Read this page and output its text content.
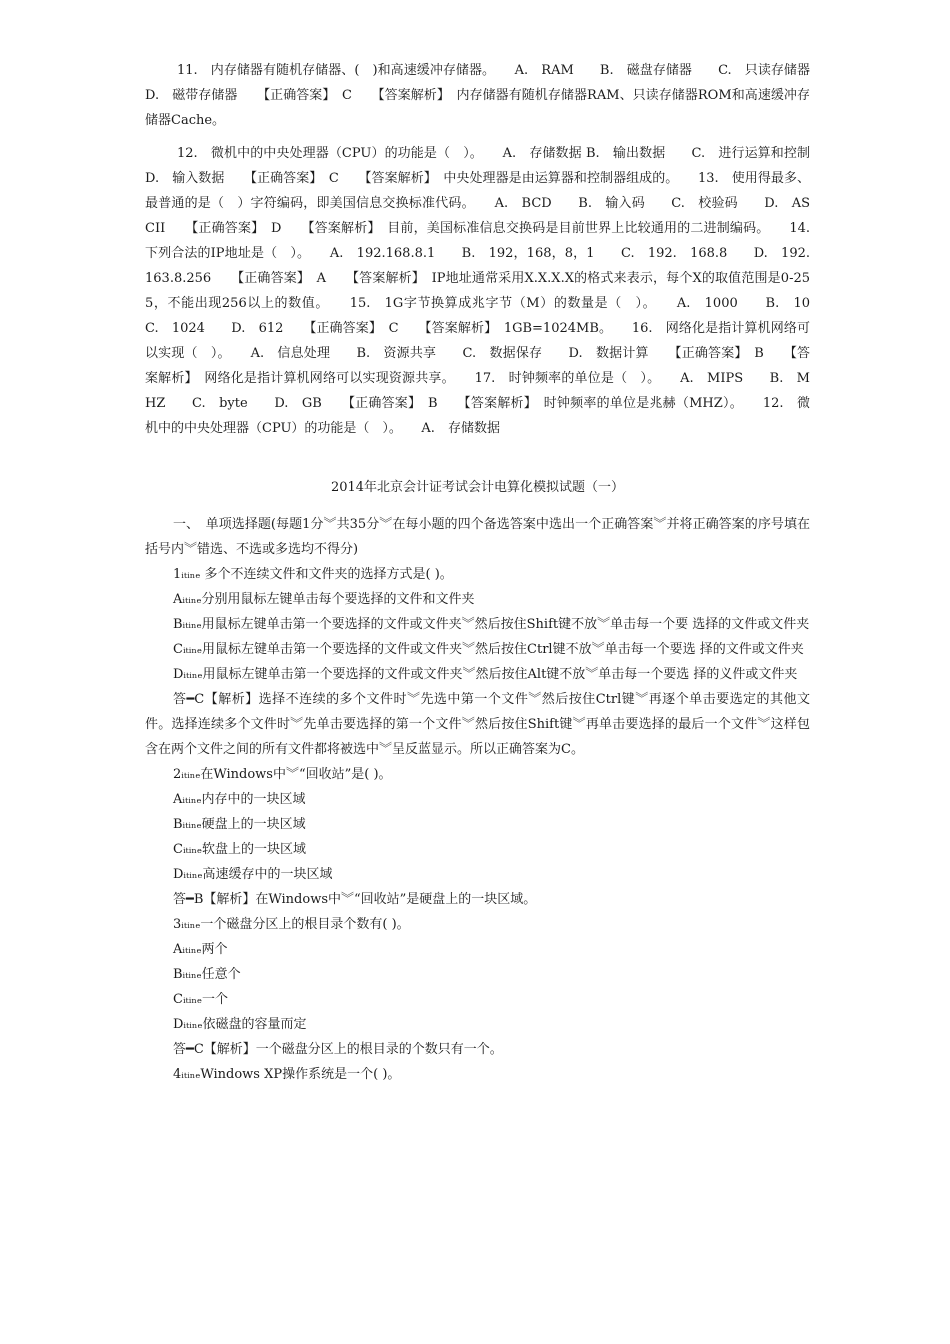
11.　内存储器有随机存储器、(　)和高速缓冲存储器。　　A.　RAM　　B.　磁盘存储器　　C.　只读存储器　　D.　磁带存储器　　【正确答案】　C　　【答案解析】　内存储器有随机存储器RAM、只读存储器ROM和高速缓冲存储器Cache。

12.　微机中的中央处理器（CPU）的功能是（　）。　　A.　存储数据 B.　输出数据　　C.　进行运算和控制　　D.　输入数据　　【正确答案】　C　　【答案解析】　中央处理器是由运算器和控制器组成的。　　13.　使用得最多、最普通的是（　）字符编码，即美国信息交换标准代码。　　A.　BCD　　B.　输入码　　C.　校验码　　D.　ASCII　　【正确答案】　D　　【答案解析】　目前，美国标准信息交换码是目前世界上比较通用的二进制编码。　　14.　下列合法的IP地址是（　）。　　A.　192.168.8.1　　B.　192，168，8，1　　C.　192.　168.8　　D.　192.163.8.256　　【正确答案】　A　　【答案解析】　IP地址通常采用X.X.X.X的格式来表示，每个X的取值范围是0-255，不能出现256以上的数值。　　15.　1G字节换算成兆字节（M）的数量是（　）。　　A.　1000　　B.　10　　C.　1024　　D.　612　　【正确答案】　C　　【答案解析】　1GB=1024MB。　　16.　网络化是指计算机网络可以实现（　）。　　A.　信息处理　　B.　资源共享　　C.　数据保存　　D.　数据计算　　【正确答案】　B　　【答案解析】　网络化是指计算机网络可以实现资源共享。　　17.　时钟频率的单位是（　）。　　A.　MIPS　　B.　MHZ　　C.　byte　　D.　GB　　【正确答案】　B　　【答案解析】　时钟频率的单位是兆赫（MHZ）。　　12.　微机中的中央处理器（CPU）的功能是（　）。　　A.　存储数据

2014年北京会计证考试会计电算化模拟试题（一）

一、　单项选择题(每题1分︾共35分︾在每小题的四个备选答案中选出一个正确答案︾并将正确答案的序号填在括号内︾错选、不选或多选均不得分)

1ᵢₜᵢₙₑ 多个不连续文件和文件夹的选择方式是( )。

Aᵢₜᵢₙₑ分别用鼠标左键单击每个要选择的文件和文件夹

Bᵢₜᵢₙₑ用鼠标左键单击第一个要选择的文件或文件夹︾然后按住Shift键不放︾单击每一个要 选择的文件或文件夹

Cᵢₜᵢₙₑ用鼠标左键单击第一个要选择的文件或文件夹︾然后按住Ctrl键不放︾单击每一个要选 择的文件或文件夹

Dᵢₜᵢₙₑ用鼠标左键单击第一个要选择的文件或文件夹︾然后按住Alt键不放︾单击每一个要选 择的义件或文件夹

答━C【解析】选择不连续的多个文件时︾先选中第一个文件︾然后按住Ctrl键︾再逐个单击要选定的其他文件。选择连续多个文件时︾先单击要选择的第一个文件︾然后按住Shift键︾再单击要选择的最后一个文件︾这样包含在两个文件之间的所有文件都将被选中︾呈反蓝显示。所以正确答案为C。

2ᵢₜᵢₙₑ在Windows中︾“回收站”是( )。

Aᵢₜᵢₙₑ内存中的一块区域

Bᵢₜᵢₙₑ硬盘上的一块区域

Cᵢₜᵢₙₑ软盘上的一块区域

Dᵢₜᵢₙₑ高速缓存中的一块区域

答━B【解析】在Windows中︾“回收站”是硬盘上的一块区域。

3ᵢₜᵢₙₑ一个磁盘分区上的根目录个数有( )。

Aᵢₜᵢₙₑ两个

Bᵢₜᵢₙₑ任意个

Cᵢₜᵢₙₑ一个

Dᵢₜᵢₙₑ依磁盘的容量而定

答━C【解析】一个磁盘分区上的根目录的个数只有一个。

4ᵢₜᵢₙₑWindows XP操作系统是一个( )。
